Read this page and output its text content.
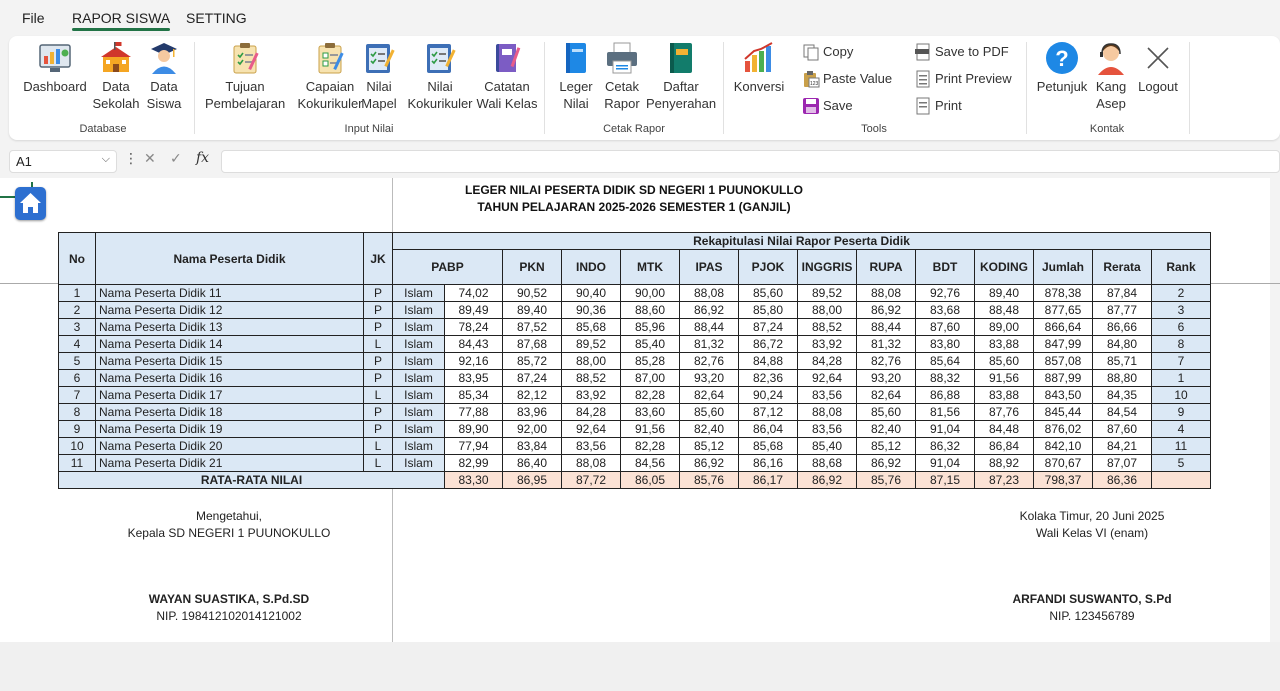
File RAPOR SISWA SETTING
Dashboard	Data
Sekolah
Data
Siswa
Database
Tujuan
Pembelajaran
Capaian
Kokurikuler
Nilai
Mapel
Nilai
Kokurikuler
Catatan
Wali Kelas
Input Nilai
Leger
Nilai
Cetak
Rapor
Daftar
Penyerahan
Cetak Rapor
Konversi
Copy
123 Paste Value
Save
Save to PDF
Print Preview
Print
Tools
?
Petunjuk Kang
Asep
Logout
Kontak
A1	⌵ ⋮ ✕ ✓ fx
LEGER NILAI PESERTA DIDIK SD NEGERI 1 PUUNOKULLO
TAHUN PELAJARAN 2025-2026 SEMESTER 1 (GANJIL)
No	Nama Peserta Didik	JK	Rekapitulasi Nilai Rapor Peserta Didik													
			PABP		PKN	INDO	MTK	IPAS	PJOK	INGGRIS	RUPA	BDT	KODING	Jumlah	Rerata	Rank
1	Nama Peserta Didik 11	P	Islam	74,02	90,52	90,40	90,00	88,08	85,60	89,52	88,08	92,76	89,40	878,38	87,84	2
2	Nama Peserta Didik 12	P	Islam	89,49	89,40	90,36	88,60	86,92	85,80	88,00	86,92	83,68	88,48	877,65	87,77	3
3	Nama Peserta Didik 13	P	Islam	78,24	87,52	85,68	85,96	88,44	87,24	88,52	88,44	87,60	89,00	866,64	86,66	6
4	Nama Peserta Didik 14	L	Islam	84,43	87,68	89,52	85,40	81,32	86,72	83,92	81,32	83,80	83,88	847,99	84,80	8
5	Nama Peserta Didik 15	P	Islam	92,16	85,72	88,00	85,28	82,76	84,88	84,28	82,76	85,64	85,60	857,08	85,71	7
6	Nama Peserta Didik 16	P	Islam	83,95	87,24	88,52	87,00	93,20	82,36	92,64	93,20	88,32	91,56	887,99	88,80	1
7	Nama Peserta Didik 17	L	Islam	85,34	82,12	83,92	82,28	82,64	90,24	83,56	82,64	86,88	83,88	843,50	84,35	10
8	Nama Peserta Didik 18	P	Islam	77,88	83,96	84,28	83,60	85,60	87,12	88,08	85,60	81,56	87,76	845,44	84,54	9
9	Nama Peserta Didik 19	P	Islam	89,90	92,00	92,64	91,56	82,40	86,04	83,56	82,40	91,04	84,48	876,02	87,60	4
10	Nama Peserta Didik 20	L	Islam	77,94	83,84	83,56	82,28	85,12	85,68	85,40	85,12	86,32	86,84	842,10	84,21	11
11	Nama Peserta Didik 21	L	Islam	82,99	86,40	88,08	84,56	86,92	86,16	88,68	86,92	91,04	88,92	870,67	87,07	5
RATA-RATA NILAI				83,30	86,95	87,72	86,05	85,76	86,17	86,92	85,76	87,15	87,23	798,37	86,36	
Mengetahui,
Kepala SD NEGERI 1 PUUNOKULLO
WAYAN SUASTIKA, S.Pd.SD
NIP. 198412102014121002
Kolaka Timur, 20 Juni 2025
Wali Kelas VI (enam)
ARFANDI SUSWANTO, S.Pd
NIP. 123456789
